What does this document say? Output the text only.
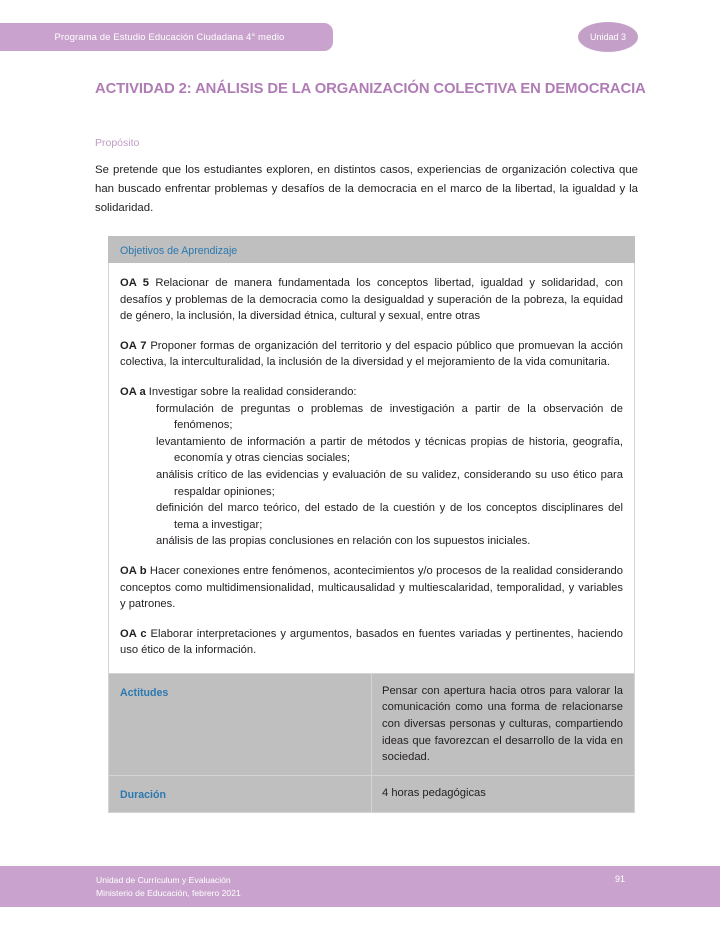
Programa de Estudio Educación Ciudadana 4° medio	Unidad 3
ACTIVIDAD 2: ANÁLISIS DE LA ORGANIZACIÓN COLECTIVA EN DEMOCRACIA
Propósito
Se pretende que los estudiantes exploren, en distintos casos, experiencias de organización colectiva que han buscado enfrentar problemas y desafíos de la democracia en el marco de la libertad, la igualdad y la solidaridad.
Objetivos de Aprendizaje	

OA 5 Relacionar de manera fundamentada los conceptos libertad, igualdad y solidaridad, con desafíos y problemas de la democracia como la desigualdad y superación de la pobreza, la equidad de género, la inclusión, la diversidad étnica, cultural y sexual, entre otras
OA 7 Proponer formas de organización del territorio y del espacio público que promuevan la acción colectiva, la interculturalidad, la inclusión de la diversidad y el mejoramiento de la vida comunitaria.
OA a Investigar sobre la realidad considerando:
formulación de preguntas o problemas de investigación a partir de la observación de fenómenos;
levantamiento de información a partir de métodos y técnicas propias de historia, geografía, economía y otras ciencias sociales;
análisis crítico de las evidencias y evaluación de su validez, considerando su uso ético para respaldar opiniones;
definición del marco teórico, del estado de la cuestión y de los conceptos disciplinares del tema a investigar;
análisis de las propias conclusiones en relación con los supuestos iniciales.
OA b Hacer conexiones entre fenómenos, acontecimientos y/o procesos de la realidad considerando conceptos como multidimensionalidad, multicausalidad y multiescalaridad, temporalidad, y variables y patrones.
OA c Elaborar interpretaciones y argumentos, basados en fuentes variadas y pertinentes, haciendo uso ético de la información.

Actitudes	Pensar con apertura hacia otros para valorar la comunicación como una forma de relacionarse con diversas personas y culturas, compartiendo ideas que favorezcan el desarrollo de la vida en sociedad.

Duración	4 horas pedagógicas
Unidad de Currículum y Evaluación
Ministerio de Educación, febrero 2021
91
